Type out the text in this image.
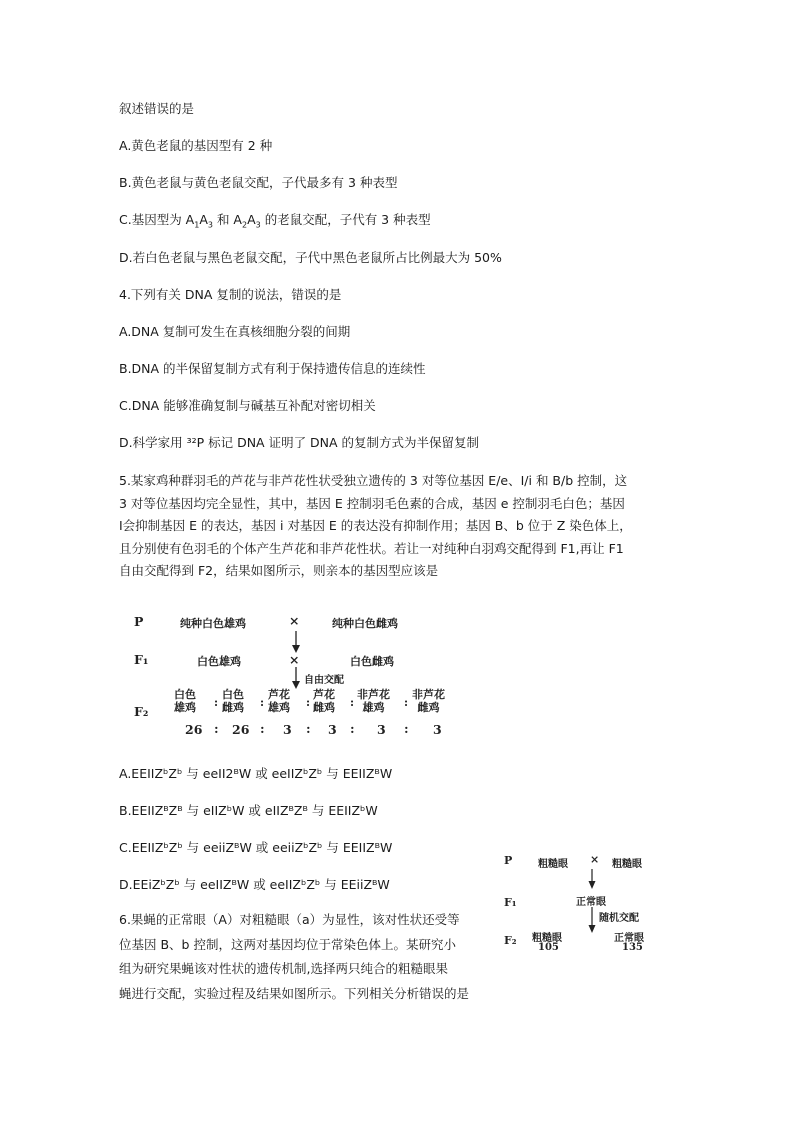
叙述错误的是
A.黄色老鼠的基因型有 2 种
B.黄色老鼠与黄色老鼠交配，子代最多有 3 种表型
C.基因型为 $A_1A_3$ 和 $A_2A_3$ 的老鼠交配，子代有 3 种表型
D.若白色老鼠与黑色老鼠交配，子代中黑色老鼠所占比例最大为 50%
4.下列有关 DNA 复制的说法，错误的是
A.DNA 复制可发生在真核细胞分裂的间期
B.DNA 的半保留复制方式有利于保持遗传信息的连续性
C.DNA 能够准确复制与碱基互补配对密切相关
D.科学家用 ³²P 标记 DNA 证明了 DNA 的复制方式为半保留复制
5.某家鸡种群羽毛的芦花与非芦花性状受独立遗传的 3 对等位基因 E/e、I/i 和 B/b 控制，这
3 对等位基因均完全显性，其中，基因 E 控制羽毛色素的合成，基因 e 控制羽毛白色；基因
Ⅰ会抑制基因 E 的表达，基因 i 对基因 E 的表达没有抑制作用；基因 B、b 位于 Z 染色体上，
且分别使有色羽毛的个体产生芦花和非芦花性状。若让一对纯种白羽鸡交配得到 F1,再让 F1
自由交配得到 F2，结果如图所示，则亲本的基因型应该是
P	纯种白色雄鸡	×	纯种白色雌鸡
F₁	白色雄鸡	×	白色雌鸡
自由交配
F₂
白色
雄鸡 :
白色
雌鸡 :
芦花
雄鸡 :
芦花
雌鸡 :
非芦花
雄鸡	:
非芦花
雌鸡
26 : 26 : 3 : 3 : 3 : 3
A.EEIIZᵇZᵇ 与 eeII2ᴮW 或 eeIIZᵇZᵇ 与 EEIIZᴮW
B.EEIIZᴮZᴮ 与 eIIZᵇW 或 eIIZᴮZᴮ 与 EEIIZᵇW
C.EEIIZᵇZᵇ 与 eeiiZᴮW 或 eeiiZᵇZᵇ 与 EEIIZᴮW
D.EEiZᵇZᵇ 与 eeIIZᴮW 或 eeIIZᵇZᵇ 与 EEiiZᴮW
P	粗糙眼 × 粗糙眼
F₁	正常眼
随机交配
F₂ 粗糙眼
105
正常眼
135
6.果蝇的正常眼（A）对粗糙眼（a）为显性，该对性状还受等
位基因 B、b 控制，这两对基因均位于常染色体上。某研究小
组为研究果蝇该对性状的遗传机制,选择两只纯合的粗糙眼果
蝇进行交配，实验过程及结果如图所示。下列相关分析错误的是
